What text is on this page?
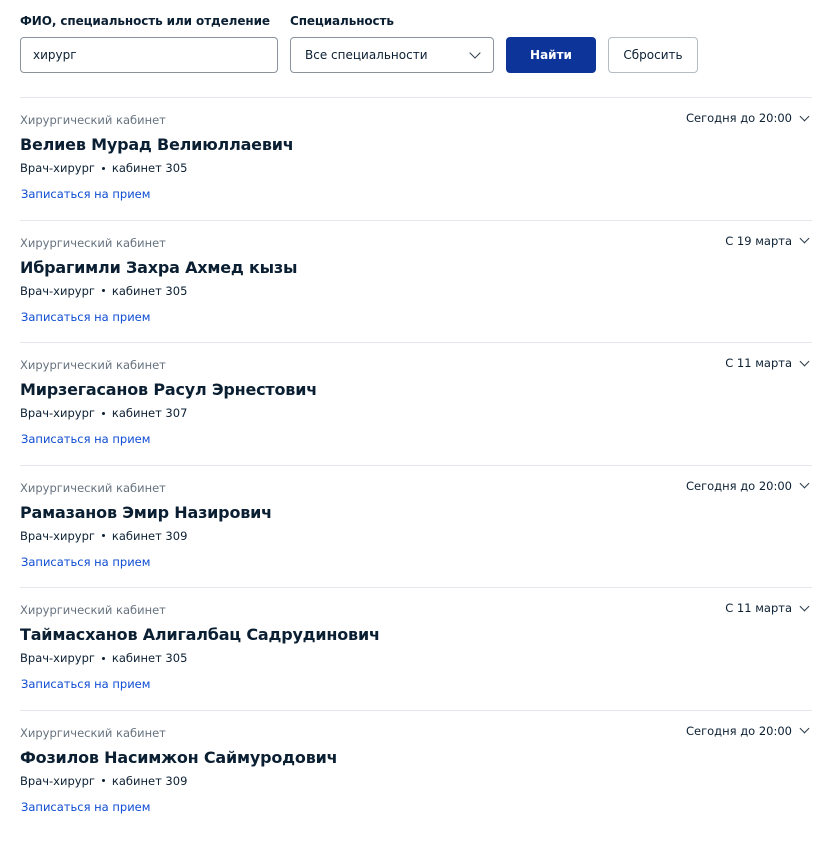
ФИО, специальность или отделение Специальность
хирург
Все специальности	Найти	Сбросить
Хирургический кабинет	Сегодня до 20:00
Велиев Мурад Велиюллаевич
Врач-хирург кабинет 305
Записаться на прием
Хирургический кабинет	С 19 марта
Ибрагимли Захра Ахмед кызы
Врач-хирург кабинет 305
Записаться на прием
Хирургический кабинет	С 11 марта
Мирзегасанов Расул Эрнестович
Врач-хирург кабинет 307
Записаться на прием
Хирургический кабинет	Сегодня до 20:00
Рамазанов Эмир Назирович
Врач-хирург кабинет 309
Записаться на прием
Хирургический кабинет	С 11 марта
Таймасханов Алигалбац Садрудинович
Врач-хирург кабинет 305
Записаться на прием
Хирургический кабинет	Сегодня до 20:00
Фозилов Насимжон Саймуродович
Врач-хирург кабинет 309
Записаться на прием
